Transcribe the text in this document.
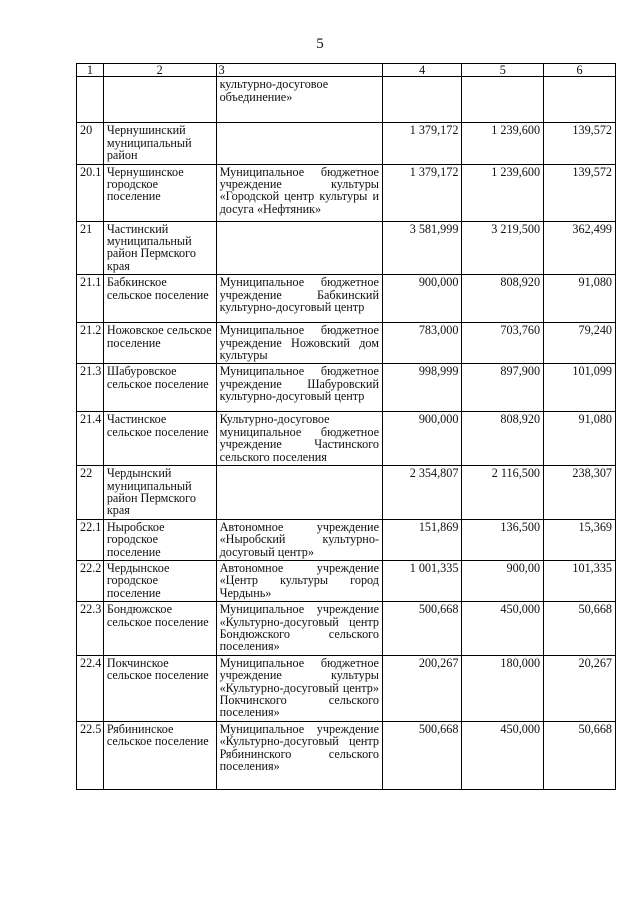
5
1	2	3	4	5	6
		культурно-досуговое объединение»			
20	Чернушинский муниципальный район		1 379,172	1 239,600	139,572
20.1	Чернушинское городское поселение	Муниципальное бюджетное учреждение культуры «Городской центр культуры и досуга «Нефтяник»	1 379,172	1 239,600	139,572
21	Частинский муниципальный район Пермского края		3 581,999	3 219,500	362,499
21.1	Бабкинское сельское поселение	Муниципальное бюджетное учреждение Бабкинский культурно-досуговый центр	900,000	808,920	91,080
21.2	Ножовское сельское поселение	Муниципальное бюджетное учреждение Ножовский дом культуры	783,000	703,760	79,240
21.3	Шабуровское сельское поселение	Муниципальное бюджетное учреждение Шабуровский культурно-досуговый центр	998,999	897,900	101,099
21.4	Частинское сельское поселение	Культурно-досуговое муниципальное бюджетное учреждение Частинского сельского поселения	900,000	808,920	91,080
22	Чердынский муниципальный район Пермского края		2 354,807	2 116,500	238,307
22.1	Ныробское городское поселение	Автономное учреждение «Ныробский культурно-досуговый центр»	151,869	136,500	15,369
22.2	Чердынское городское поселение	Автономное учреждение «Центр культуры город Чердынь»	1 001,335	900,00	101,335
22.3	Бондюжское сельское поселение	Муниципальное учреждение «Культурно-досуговый центр Бондюжского сельского поселения»	500,668	450,000	50,668
22.4	Покчинское сельское поселение	Муниципальное бюджетное учреждение культуры «Культурно-досуговый центр» Покчинского сельского поселения»	200,267	180,000	20,267
22.5	Рябининское сельское поселение	Муниципальное учреждение «Культурно-досуговый центр Рябининского сельского поселения»	500,668	450,000	50,668
